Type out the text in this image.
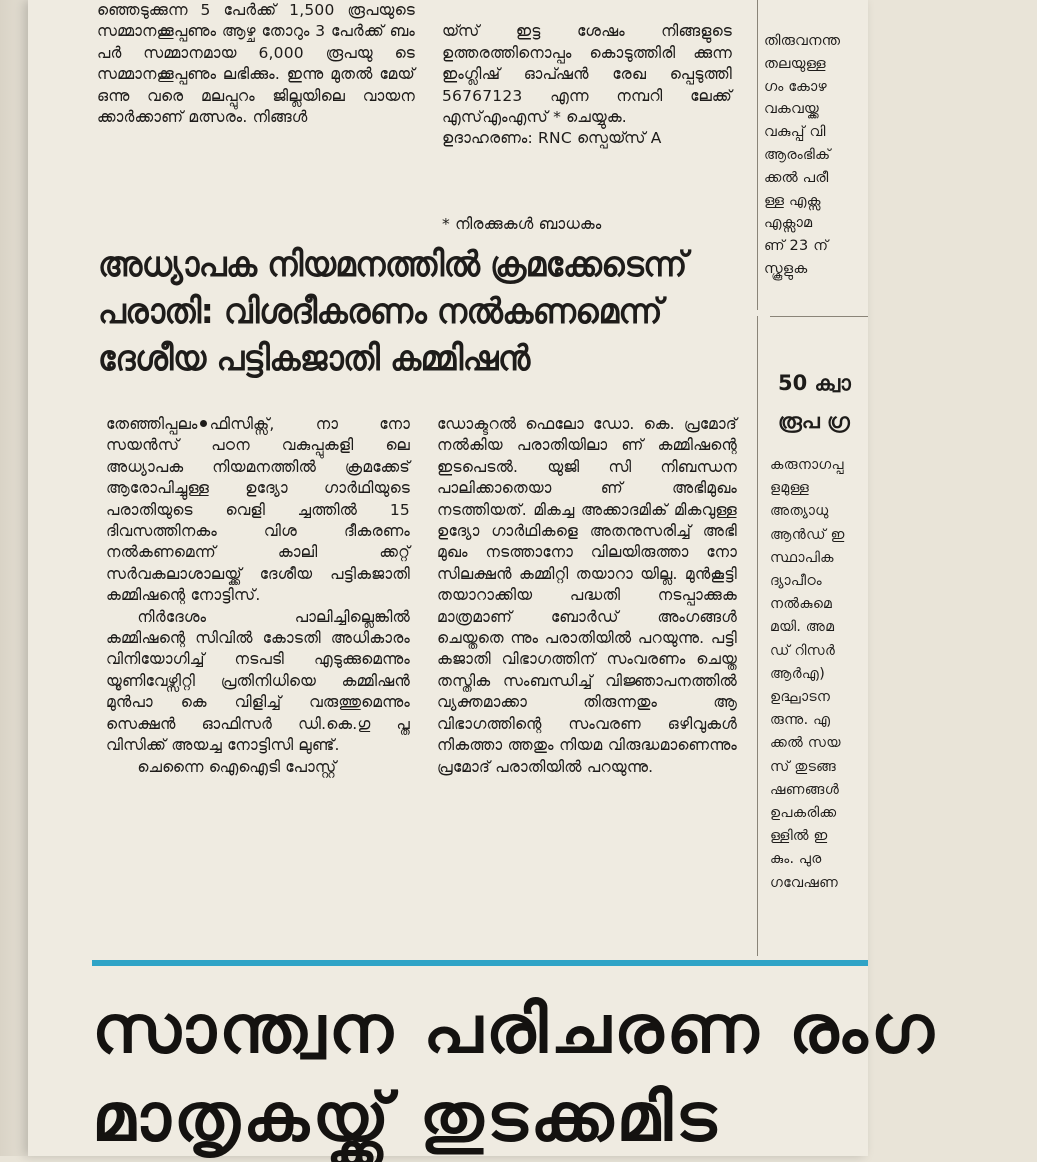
ഞ്ഞെടുക്കുന്ന 5 പേർക്ക് 1,500 രൂപയുടെ സമ്മാനക്കൂപ്പണും ആഴ്ച തോറും 3 പേർക്ക് ബം പർ സമ്മാനമായ 6,000 രൂപയു ടെ സമ്മാനക്കൂപ്പണും ലഭിക്കും. ഇന്നു മുതൽ മേയ് ഒന്നു വരെ മലപ്പുറം ജില്ലയിലെ വായന ക്കാർക്കാണ് മത്സരം. നിങ്ങൾ

യ്സ് ഇട്ട ശേഷം നിങ്ങളുടെ ഉത്തരത്തിനൊപ്പം കൊടുത്തിരി ക്കുന്ന ഇംഗ്ലിഷ് ഓപ്ഷൻ രേഖ പ്പെടുത്തി 56767123 എന്ന നമ്പറി ലേക്ക് എസ്എംഎസ് * ചെയ്യുക.
ഉദാഹരണം: RNC സ്പെയ്സ് A

* നിരക്കുകൾ ബാധകം

തിരുവനന്ത
തലയുള്ള
ഗം കോഴ
വകവയ്ക്ക
വകുപ്പ് വി
ആരംഭിക്
ക്കൽ പരീ
ള്ള എക്സ
എക്സാമ
ണ് 23 ന്
സ്കൂളുക

50 ക്വാ
രൂപ ഗ്ര

കരുനാഗപ്പ
ളമുള്ള
അത്യാധു
ആൻഡ് ഇ
സ്ഥാപിക
ദ്യാപീഠം
നൽകുമെ
മയി. അമ
ഡ് റിസർ
ആർഎ)
ഉദ്ഘാടന
രുന്നു. എ
ക്കൽ സയ
സ് തുടങ്ങ
ഷണങ്ങൾ
ഉപകരിക്ക
ള്ളിൽ ഇ
കും. പുര
ഗവേഷണ

അധ്യാപക നിയമനത്തിൽ ക്രമക്കേടെന്ന്
പരാതി: വിശദീകരണം നൽകണമെന്ന്
ദേശീയ പട്ടികജാതി കമ്മിഷൻ
തേഞ്ഞിപ്പലം ഫിസിക്സ്, നാ നോ സയൻസ് പഠന വകുപ്പുകളി ലെ അധ്യാപക നിയമനത്തിൽ ക്രമക്കേട് ആരോപിച്ചുള്ള ഉദ്യോ ഗാർഥിയുടെ പരാതിയുടെ വെളി ച്ചത്തിൽ 15 ദിവസത്തിനകം വിശ ദീകരണം നൽകണമെന്ന് കാലി ക്കറ്റ് സർവകലാശാലയ്ക്ക് ദേശീയ പട്ടികജാതി കമ്മിഷന്റെ നോട്ടിസ്.
  നിർദേശം പാലിച്ചില്ലെങ്കിൽ കമ്മിഷന്റെ സിവിൽ കോടതി അധികാരം വിനിയോഗിച്ച് നടപടി എടുക്കുമെന്നും യൂണിവേഴ്സിറ്റി പ്രതിനിധിയെ കമ്മിഷൻ മുൻപാ കെ വിളിച്ച് വരുത്തുമെന്നും സെക്ഷൻ ഓഫിസർ ഡി.കെ.ഗു പ്ത വിസിക്ക് അയച്ച നോട്ടിസി ലുണ്ട്.
  ചെന്നൈ ഐഐടി പോസ്റ്റ്

ഡോക്ടറൽ ഫെലോ ഡോ. കെ. പ്രമോദ് നൽകിയ പരാതിയിലാ ണ് കമ്മിഷന്റെ ഇടപെടൽ. യുജി സി നിബന്ധന പാലിക്കാതെയാ ണ് അഭിമുഖം നടത്തിയത്. മികച്ച അക്കാദമിക് മികവുള്ള ഉദ്യോ ഗാർഥികളെ അതനുസരിച്ച് അഭി മുഖം നടത്താനോ വിലയിരുത്താ നോ സിലക്ഷൻ കമ്മിറ്റി തയാറാ യില്ല. മുൻകൂട്ടി തയാറാക്കിയ പദ്ധതി നടപ്പാക്കുക മാത്രമാണ് ബോർഡ് അംഗങ്ങൾ ചെയ്തതെ ന്നും പരാതിയിൽ പറയുന്നു. പട്ടി കജാതി വിഭാഗത്തിന് സംവരണം ചെയ്ത തസ്തിക സംബന്ധിച്ച് വിജ്ഞാപനത്തിൽ വ്യക്തമാക്കാ തിരുന്നതും ആ വിഭാഗത്തിന്റെ സംവരണ ഒഴിവുകൾ നികത്താ ത്തതും നിയമ വിരുദ്ധമാണെന്നും പ്രമോദ് പരാതിയിൽ പറയുന്നു.

സാന്ത്വന പരിചരണ രംഗ
മാതൃകയ്ക്ക് തുടക്കമിട
